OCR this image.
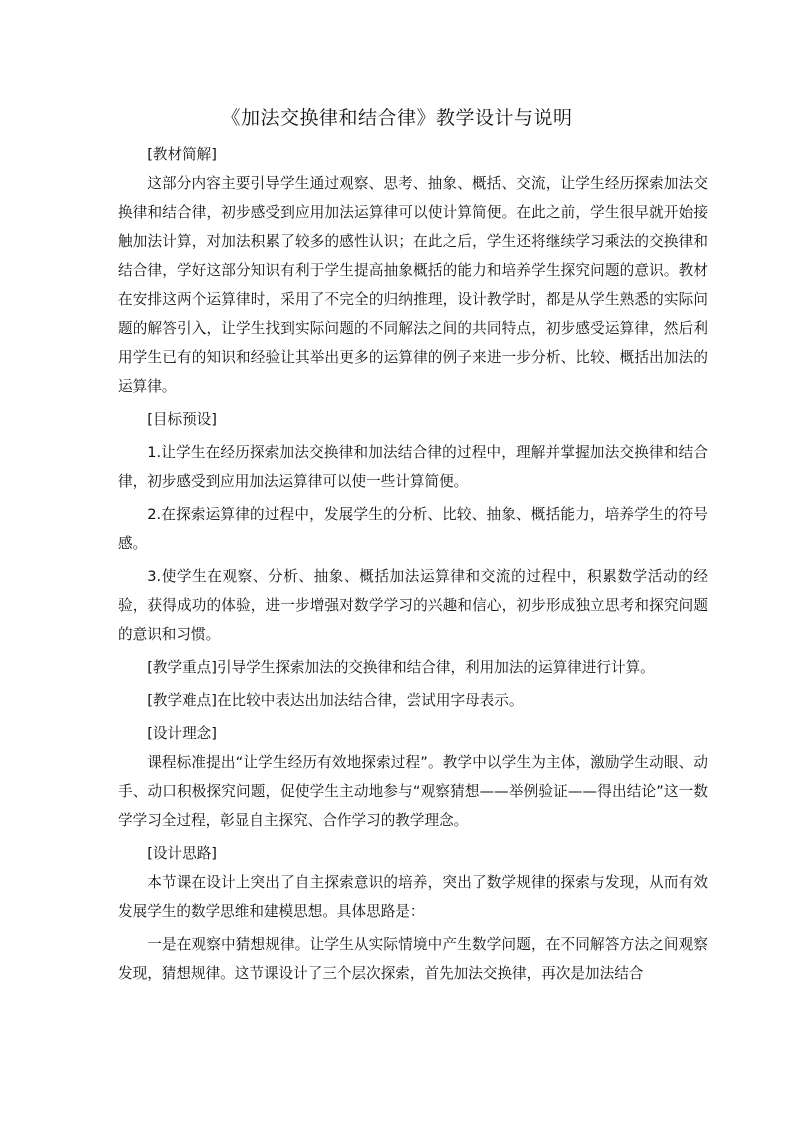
《加法交换律和结合律》教学设计与说明

[教材简解]

这部分内容主要引导学生通过观察、思考、抽象、概括、交流，让学生经历探索加法交换律和结合律，初步感受到应用加法运算律可以使计算简便。在此之前，学生很早就开始接触加法计算，对加法积累了较多的感性认识；在此之后，学生还将继续学习乘法的交换律和结合律，学好这部分知识有利于学生提高抽象概括的能力和培养学生探究问题的意识。教材在安排这两个运算律时，采用了不完全的归纳推理，设计教学时，都是从学生熟悉的实际问题的解答引入，让学生找到实际问题的不同解法之间的共同特点，初步感受运算律，然后利用学生已有的知识和经验让其举出更多的运算律的例子来进一步分析、比较、概括出加法的运算律。

[目标预设]

1.让学生在经历探索加法交换律和加法结合律的过程中，理解并掌握加法交换律和结合律，初步感受到应用加法运算律可以使一些计算简便。

2.在探索运算律的过程中，发展学生的分析、比较、抽象、概括能力，培养学生的符号感。

3.使学生在观察、分析、抽象、概括加法运算律和交流的过程中，积累数学活动的经验，获得成功的体验，进一步增强对数学学习的兴趣和信心，初步形成独立思考和探究问题的意识和习惯。

[教学重点]引导学生探索加法的交换律和结合律，利用加法的运算律进行计算。

[教学难点]在比较中表达出加法结合律，尝试用字母表示。

[设计理念]

课程标准提出“让学生经历有效地探索过程”。教学中以学生为主体，激励学生动眼、动手、动口积极探究问题，促使学生主动地参与“观察猜想——举例验证——得出结论”这一数学学习全过程，彰显自主探究、合作学习的教学理念。

[设计思路]

本节课在设计上突出了自主探索意识的培养，突出了数学规律的探索与发现，从而有效发展学生的数学思维和建模思想。具体思路是：

一是在观察中猜想规律。让学生从实际情境中产生数学问题，在不同解答方法之间观察发现，猜想规律。这节课设计了三个层次探索，首先加法交换律，再次是加法结合
